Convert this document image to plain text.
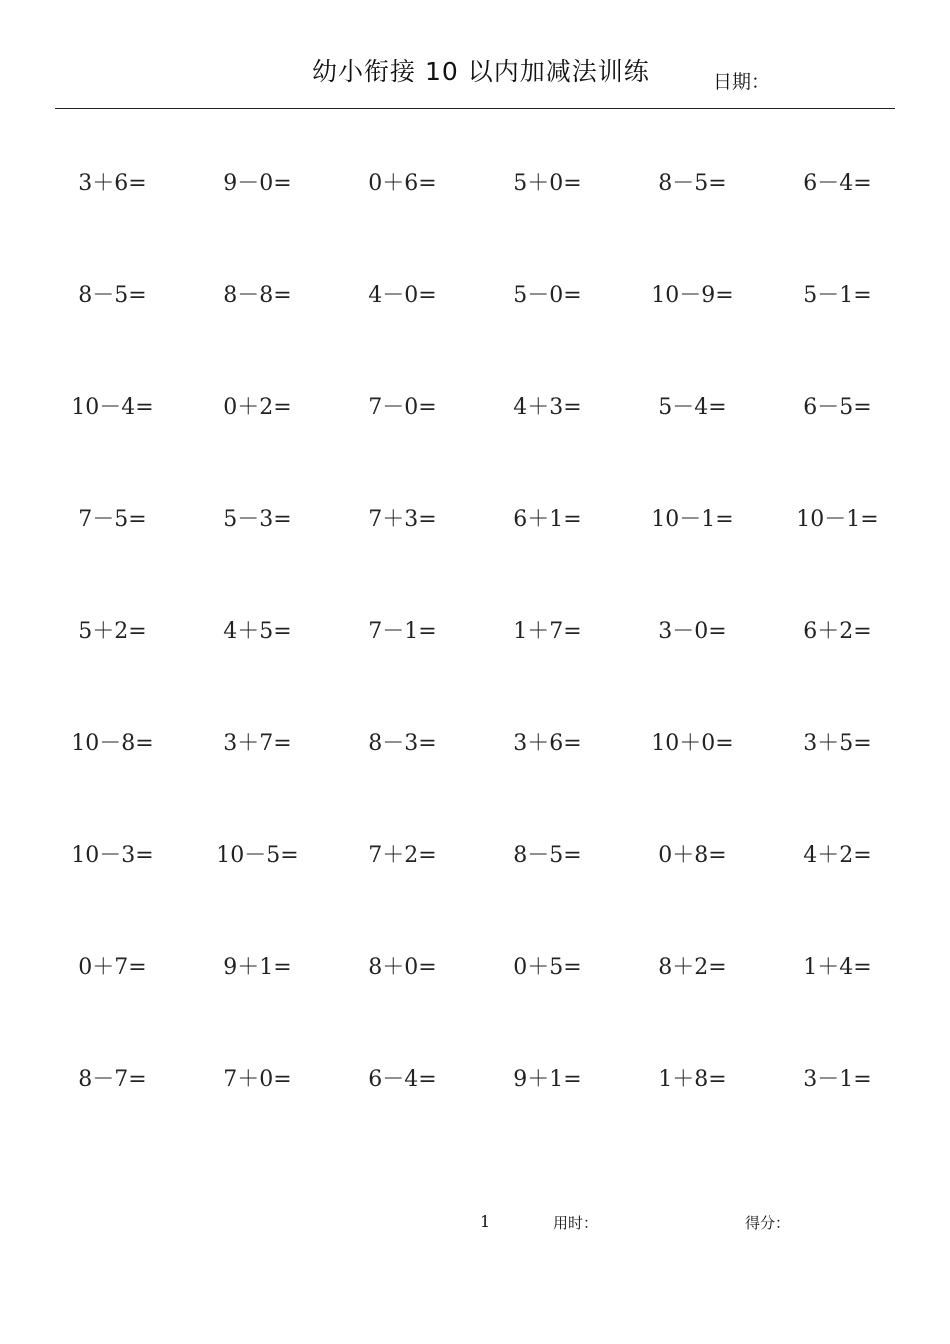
幼小衔接 10 以内加减法训练	日期：
3＋6=	9－0=	0＋6=	5＋0=	8－5=	6－4=
8－5=	8－8=	4－0=	5－0=	10－9=	5－1=
10－4=	0＋2=	7－0=	4＋3=	5－4=	6－5=
7－5=	5－3=	7＋3=	6＋1=	10－1=	10－1=
5＋2=	4＋5=	7－1=	1＋7=	3－0=	6＋2=
10－8=	3＋7=	8－3=	3＋6=	10＋0=	3＋5=
10－3=	10－5=	7＋2=	8－5=	0＋8=	4＋2=
0＋7=	9＋1=	8＋0=	0＋5=	8＋2=	1＋4=
8－7=	7＋0=	6－4=	9＋1=	1＋8=	3－1=
1	用时：	得分：
